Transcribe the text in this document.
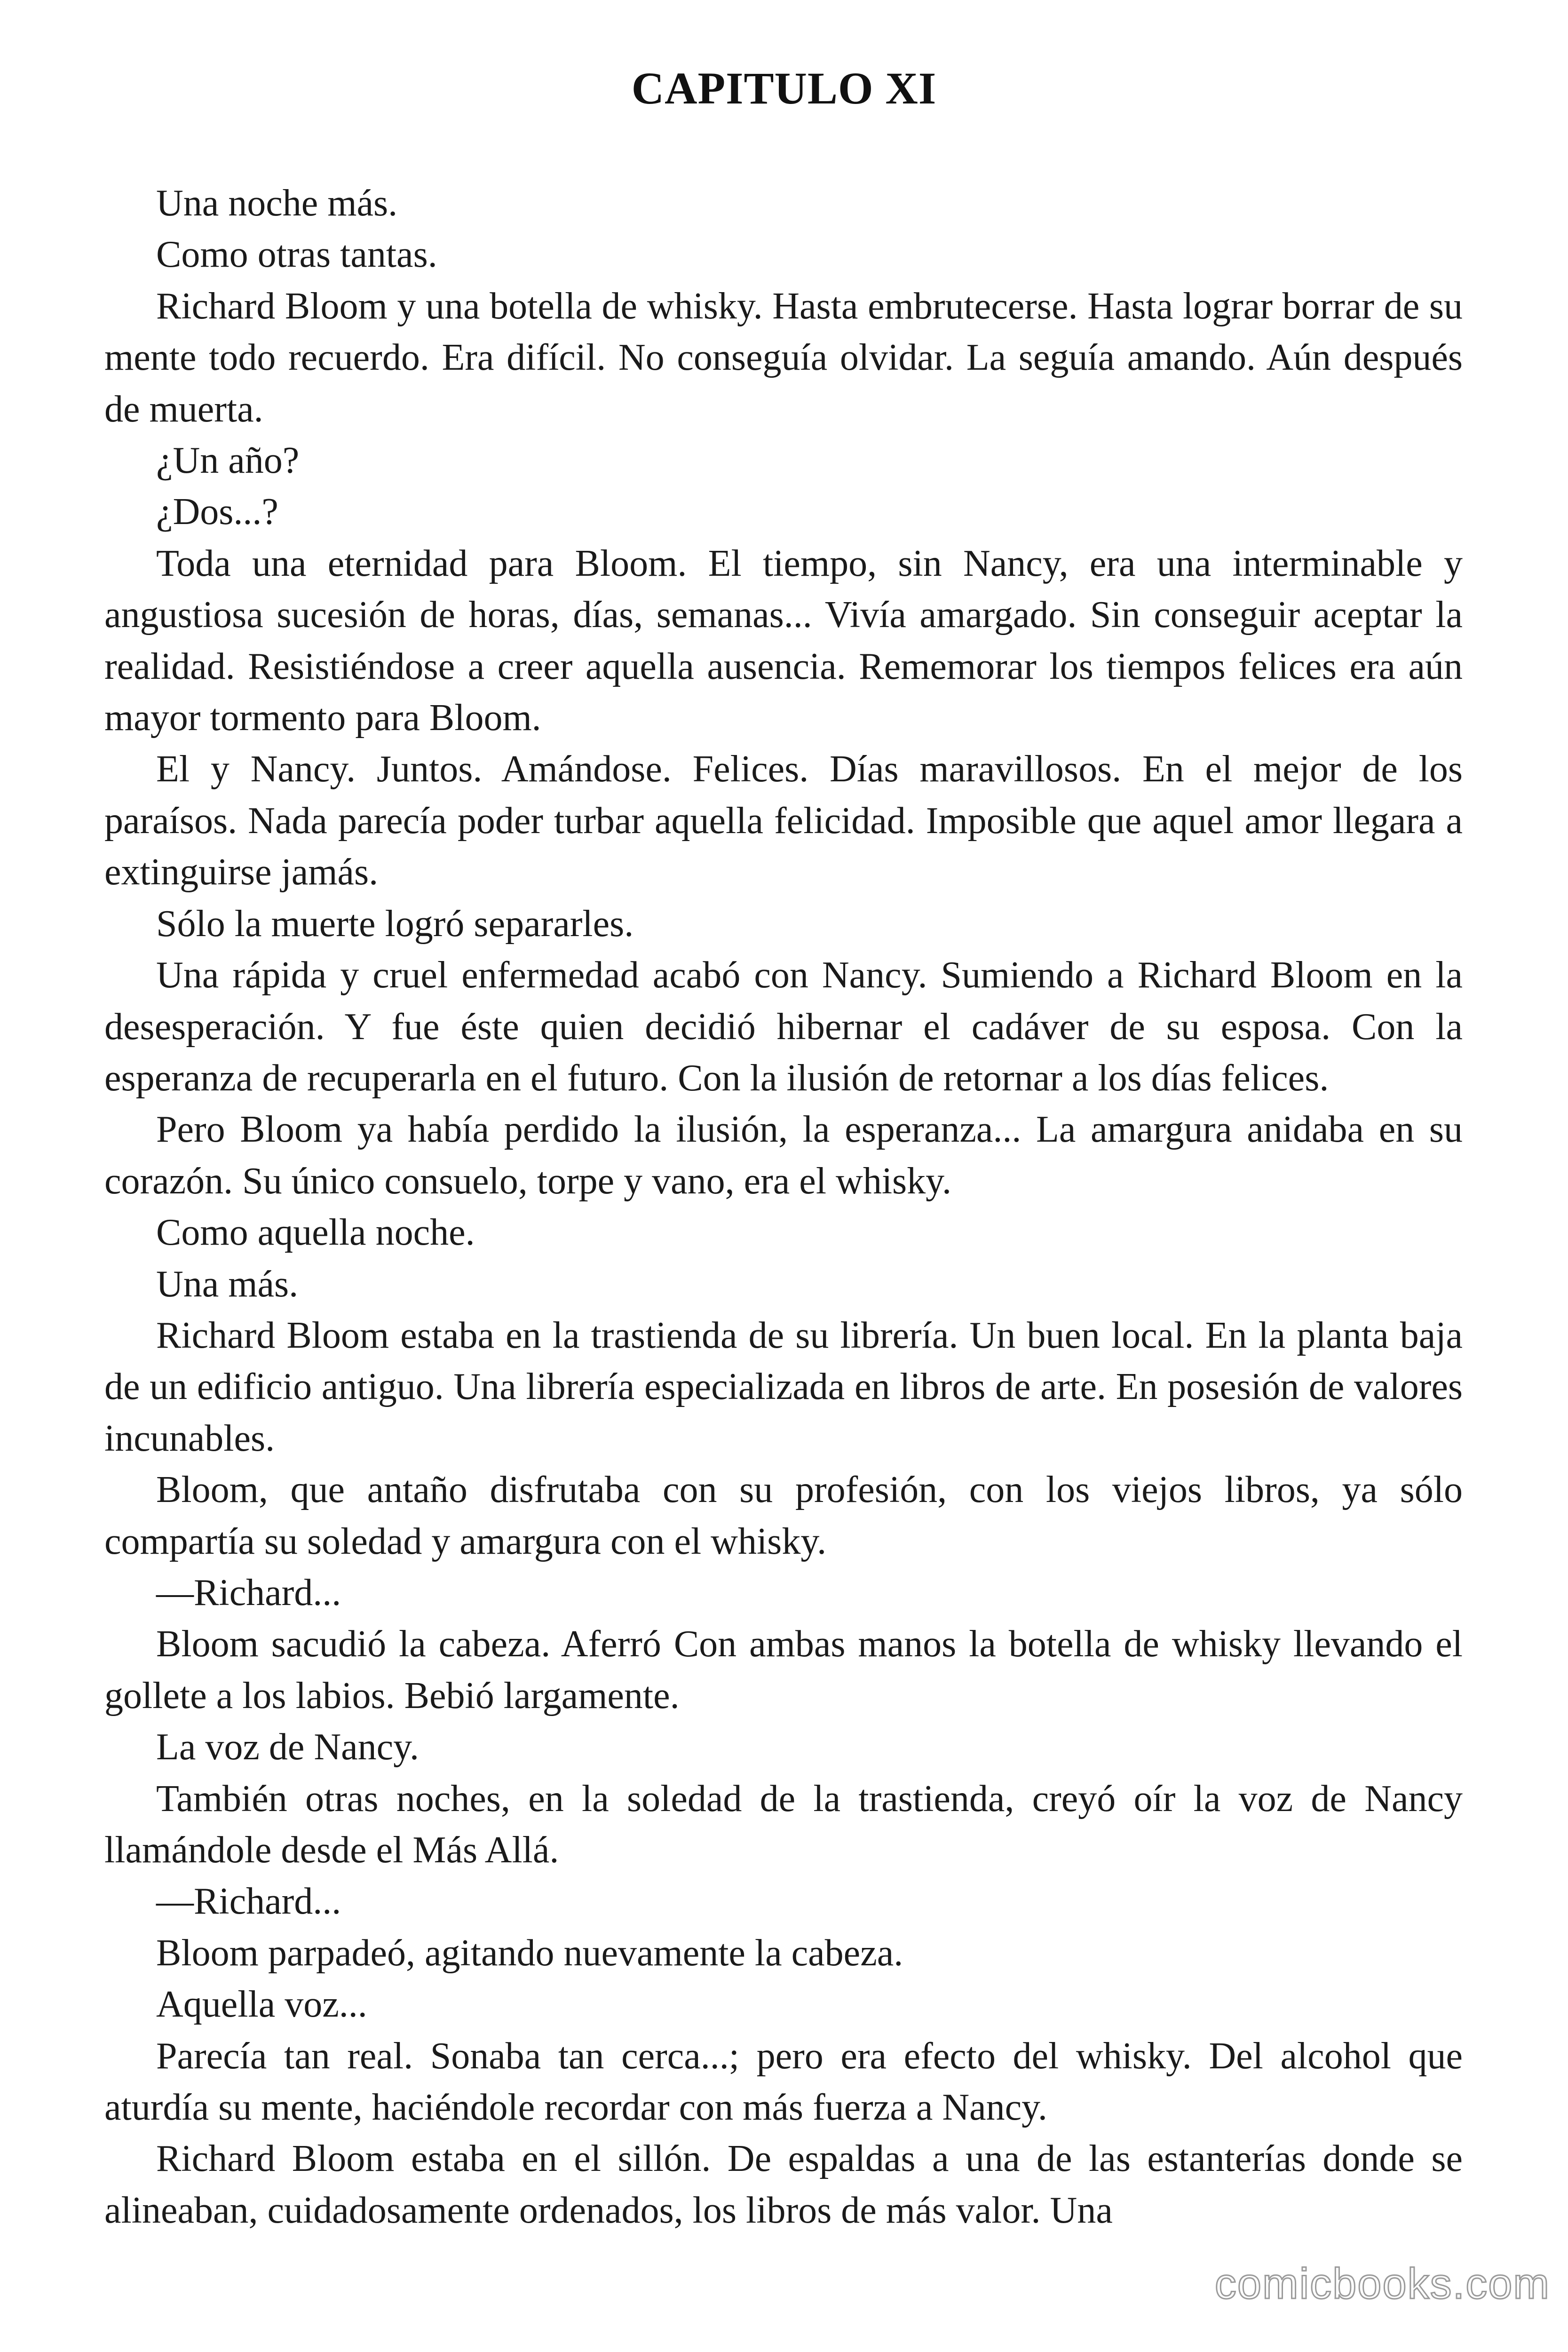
CAPITULO XI

Una noche más.

Como otras tantas.

Richard Bloom y una botella de whisky. Hasta embrutecerse. Hasta lograr borrar de su mente todo recuerdo. Era difícil. No conseguía olvidar. La seguía amando. Aún después de muerta.

¿Un año?

¿Dos...?

Toda una eternidad para Bloom. El tiempo, sin Nancy, era una interminable y angustiosa sucesión de horas, días, semanas... Vivía amargado. Sin conseguir aceptar la realidad. Resistiéndose a creer aquella ausencia. Rememorar los tiempos felices era aún mayor tormento para Bloom.

El y Nancy. Juntos. Amándose. Felices. Días maravillosos. En el mejor de los paraísos. Nada parecía poder turbar aquella felicidad. Imposible que aquel amor llegara a extinguirse jamás.

Sólo la muerte logró separarles.

Una rápida y cruel enfermedad acabó con Nancy. Sumiendo a Richard Bloom en la desesperación. Y fue éste quien decidió hibernar el cadáver de su esposa. Con la esperanza de recuperarla en el futuro. Con la ilusión de retornar a los días felices.

Pero Bloom ya había perdido la ilusión, la esperanza... La amargura anidaba en su corazón. Su único consuelo, torpe y vano, era el whisky.

Como aquella noche.

Una más.

Richard Bloom estaba en la trastienda de su librería. Un buen local. En la planta baja de un edificio antiguo. Una librería especializada en libros de arte. En posesión de valores incunables.

Bloom, que antaño disfrutaba con su profesión, con los viejos libros, ya sólo compartía su soledad y amargura con el whisky.

—Richard...

Bloom sacudió la cabeza. Aferró Con ambas manos la botella de whisky llevando el gollete a los labios. Bebió largamente.

La voz de Nancy.

También otras noches, en la soledad de la trastienda, creyó oír la voz de Nancy llamándole desde el Más Allá.

—Richard...

Bloom parpadeó, agitando nuevamente la cabeza.

Aquella voz...

Parecía tan real. Sonaba tan cerca...; pero era efecto del whisky. Del alcohol que aturdía su mente, haciéndole recordar con más fuerza a Nancy.

Richard Bloom estaba en el sillón. De espaldas a una de las estanterías donde se alineaban, cuidadosamente ordenados, los libros de más valor. Una

comicbooks.com
